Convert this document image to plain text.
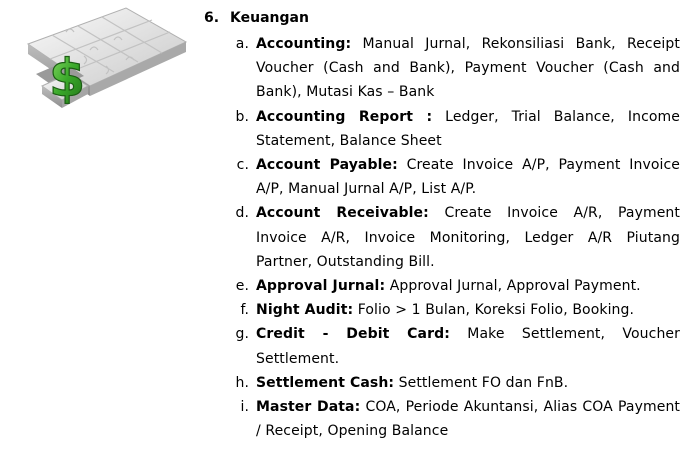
$
6. Keuangan
a. Accounting: Manual Jurnal, Rekonsiliasi Bank, Receipt Voucher (Cash and Bank), Payment Voucher (Cash and Bank), Mutasi Kas – Bank
b. Accounting Report : Ledger, Trial Balance, Income Statement, Balance Sheet
c. Account Payable: Create Invoice A/P, Payment Invoice A/P, Manual Jurnal A/P, List A/P.
d. Account Receivable: Create Invoice A/R, Payment Invoice A/R, Invoice Monitoring, Ledger A/R Piutang Partner, Outstanding Bill.
e. Approval Jurnal: Approval Jurnal, Approval Payment.
f. Night Audit: Folio > 1 Bulan, Koreksi Folio, Booking.
g. Credit - Debit Card: Make Settlement, Voucher Settlement.
h. Settlement Cash: Settlement FO dan FnB.
i. Master Data: COA, Periode Akuntansi, Alias COA Payment / Receipt, Opening Balance
